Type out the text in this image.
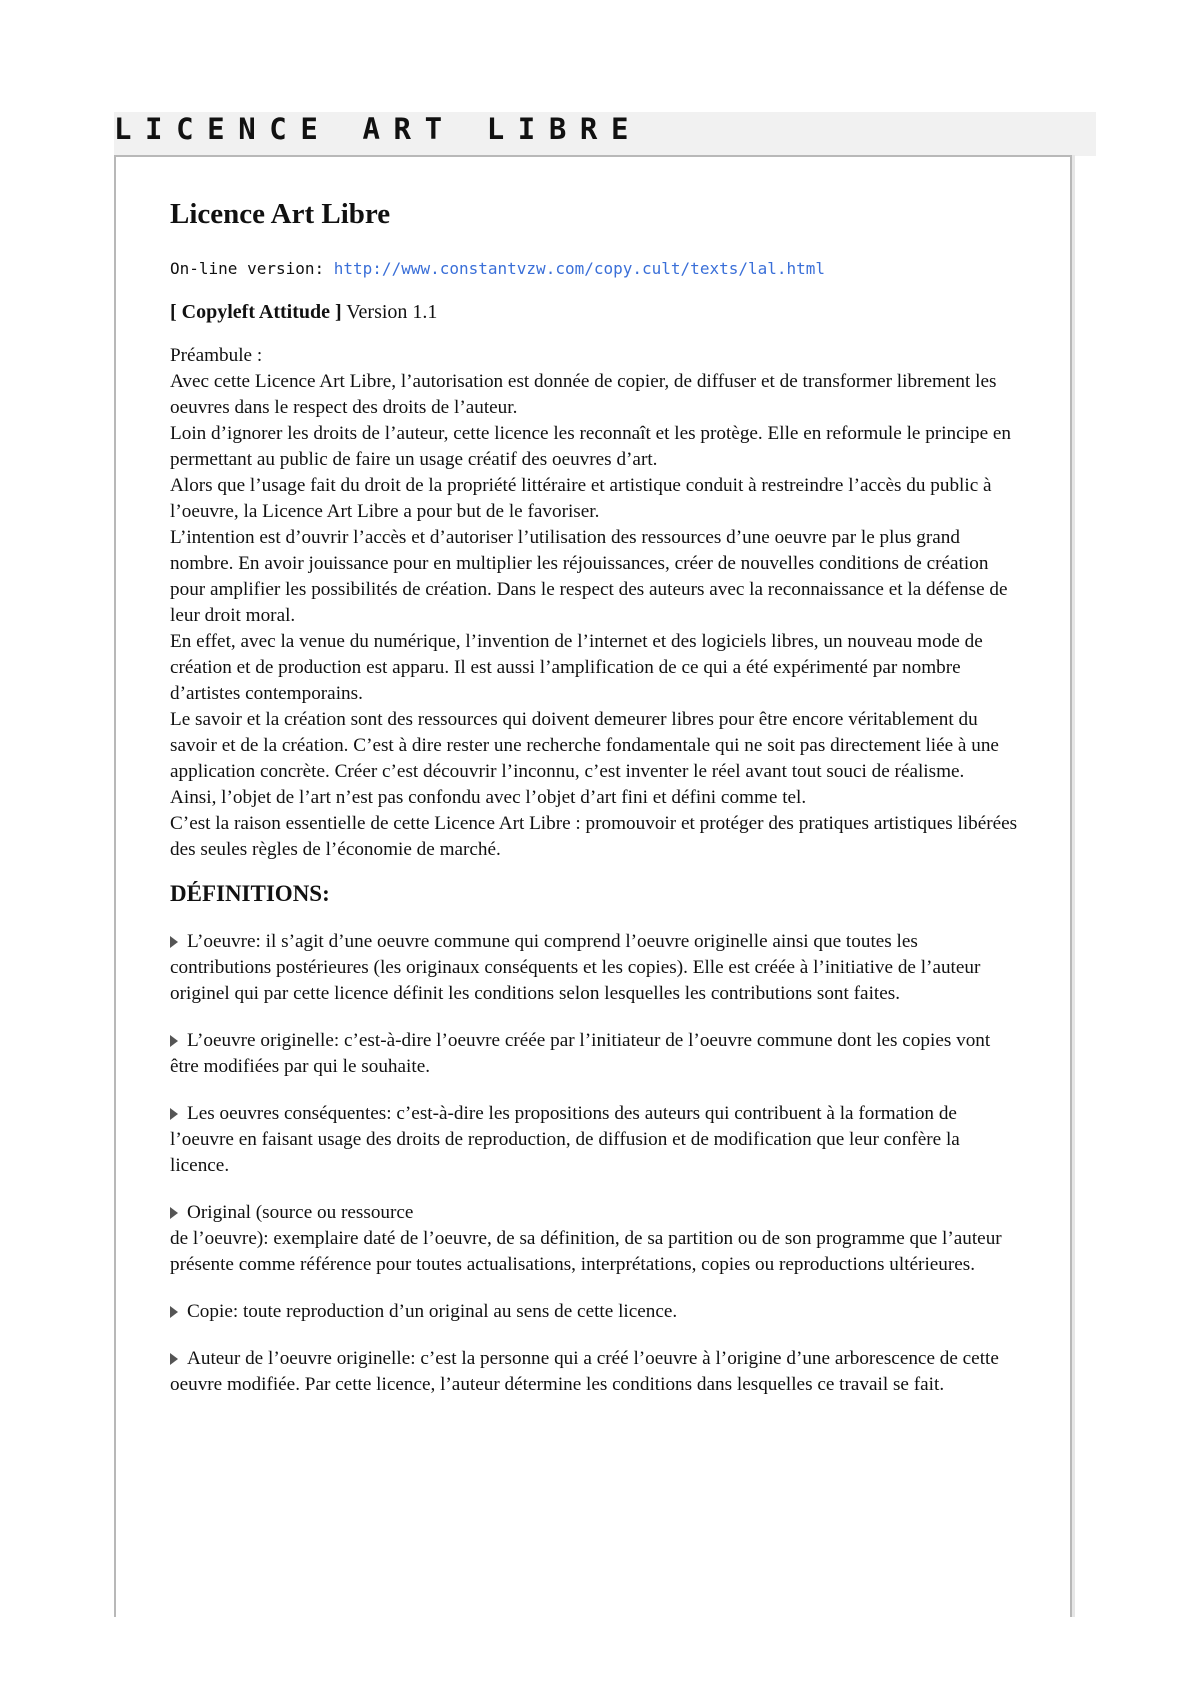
LICENCE ART LIBRE
Licence Art Libre
On-line version: http://www.constantvzw.com/copy.cult/texts/lal.html
[ Copyleft Attitude ] Version 1.1

Préambule :

Avec cette Licence Art Libre, l’autorisation est donnée de copier, de diffuser et de transformer librement les oeuvres dans le respect des droits de l’auteur.

Loin d’ignorer les droits de l’auteur, cette licence les reconnaît et les protège. Elle en reformule le principe en permettant au public de faire un usage créatif des oeuvres d’art.

Alors que l’usage fait du droit de la propriété littéraire et artistique conduit à restreindre l’accès du public à l’oeuvre, la Licence Art Libre a pour but de le favoriser.

L’intention est d’ouvrir l’accès et d’autoriser l’utilisation des ressources d’une oeuvre par le plus grand nombre. En avoir jouissance pour en multiplier les réjouissances, créer de nouvelles conditions de création pour amplifier les possibilités de création. Dans le respect des auteurs avec la reconnaissance et la défense de leur droit moral.

En effet, avec la venue du numérique, l’invention de l’internet et des logiciels libres, un nouveau mode de création et de production est apparu. Il est aussi l’amplification de ce qui a été expérimenté par nombre d’artistes contemporains.

Le savoir et la création sont des ressources qui doivent demeurer libres pour être encore véritablement du savoir et de la création. C’est à dire rester une recherche fondamentale qui ne soit pas directement liée à une application concrète. Créer c’est découvrir l’inconnu, c’est inventer le réel avant tout souci de réalisme.

Ainsi, l’objet de l’art n’est pas confondu avec l’objet d’art fini et défini comme tel.

C’est la raison essentielle de cette Licence Art Libre : promouvoir et protéger des pratiques artistiques libérées des seules règles de l’économie de marché.

DÉFINITIONS:
L’oeuvre: il s’agit d’une oeuvre commune qui comprend l’oeuvre originelle ainsi que toutes les contributions postérieures (les originaux conséquents et les copies). Elle est créée à l’initiative de l’auteur originel qui par cette licence définit les conditions selon lesquelles les contributions sont faites.
L’oeuvre originelle: c’est-à-dire l’oeuvre créée par l’initiateur de l’oeuvre commune dont les copies vont être modifiées par qui le souhaite.
Les oeuvres conséquentes: c’est-à-dire les propositions des auteurs qui contribuent à la formation de l’oeuvre en faisant usage des droits de reproduction, de diffusion et de modification que leur confère la licence.
Original (source ou ressource
de l’oeuvre): exemplaire daté de l’oeuvre, de sa définition, de sa partition ou de son programme que l’auteur présente comme référence pour toutes actualisations, interprétations, copies ou reproductions ultérieures.
Copie: toute reproduction d’un original au sens de cette licence.
Auteur de l’oeuvre originelle: c’est la personne qui a créé l’oeuvre à l’origine d’une arborescence de cette oeuvre modifiée. Par cette licence, l’auteur détermine les conditions dans lesquelles ce travail se fait.
